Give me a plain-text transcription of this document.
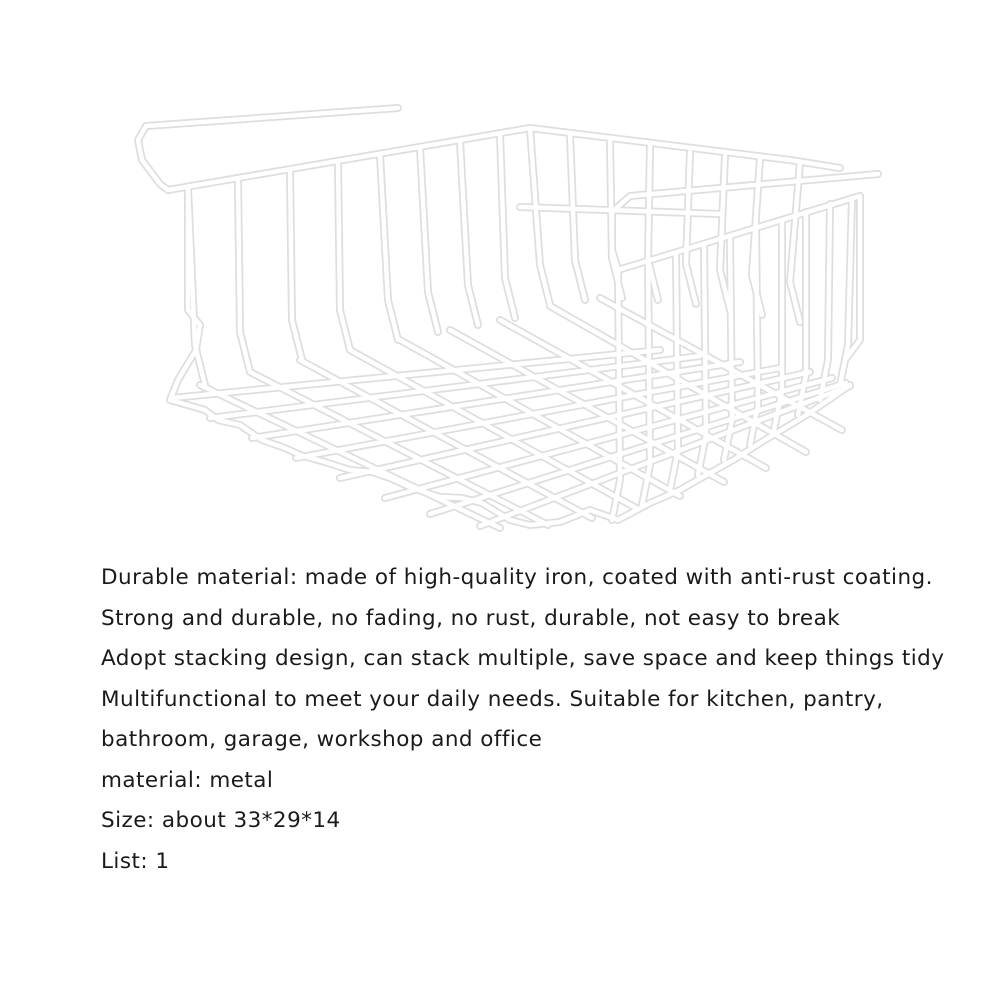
Durable material: made of high-quality iron, coated with anti-rust coating. Strong and durable, no fading, no rust, durable, not easy to break

Adopt stacking design, can stack multiple, save space and keep things tidy

Multifunctional to meet your daily needs. Suitable for kitchen, pantry, bathroom, garage, workshop and office

material: metal

Size: about 33*29*14

List: 1
